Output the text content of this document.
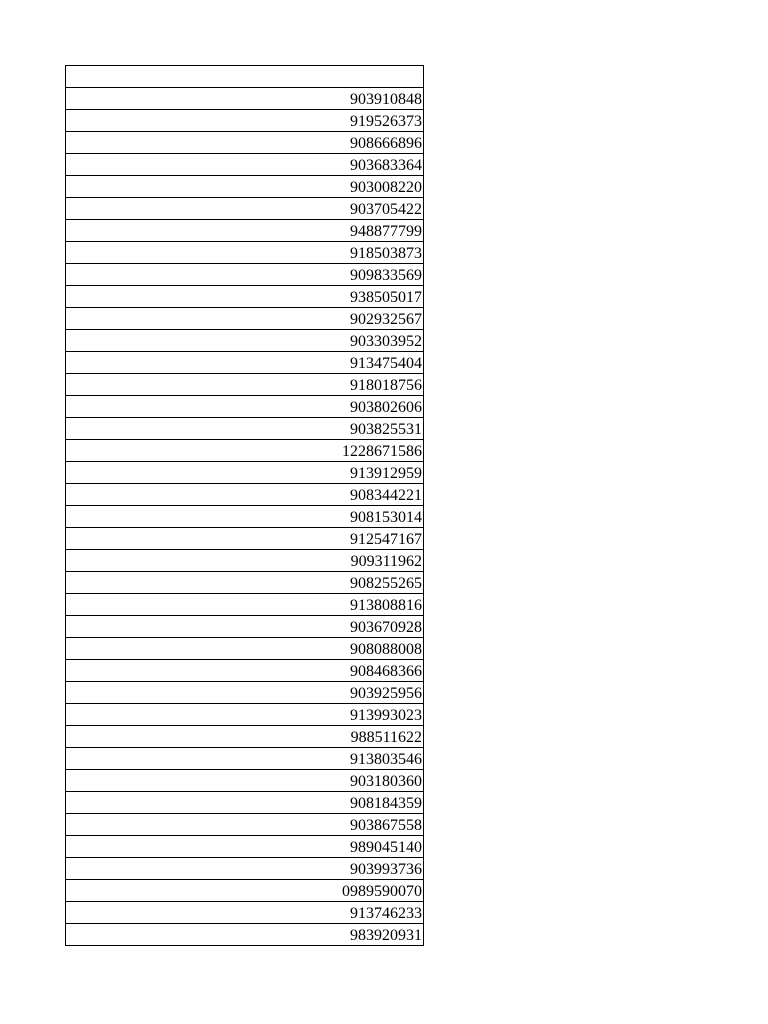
903910848
919526373
908666896
903683364
903008220
903705422
948877799
918503873
909833569
938505017
902932567
903303952
913475404
918018756
903802606
903825531
1228671586
913912959
908344221
908153014
912547167
909311962
908255265
913808816
903670928
908088008
908468366
903925956
913993023
988511622
913803546
903180360
908184359
903867558
989045140
903993736
0989590070
913746233
983920931
